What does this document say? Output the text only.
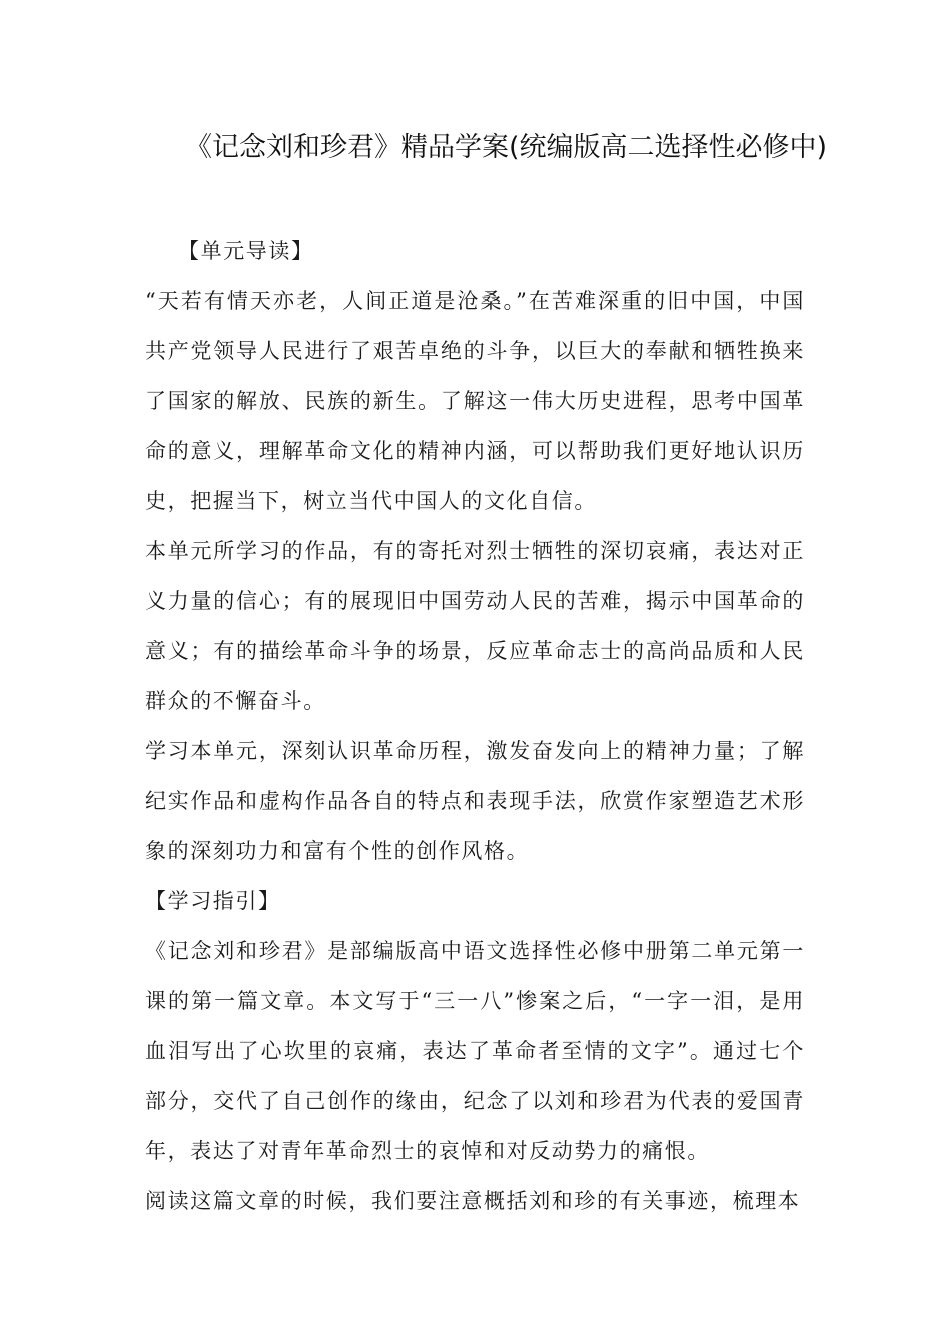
《记念刘和珍君》精品学案(统编版高二选择性必修中)

【单元导读】

“天若有情天亦老，人间正道是沧桑。”在苦难深重的旧中国，中国共产党领导人民进行了艰苦卓绝的斗争，以巨大的奉献和牺牲换来了国家的解放、民族的新生。了解这一伟大历史进程，思考中国革命的意义，理解革命文化的精神内涵，可以帮助我们更好地认识历史，把握当下，树立当代中国人的文化自信。

本单元所学习的作品，有的寄托对烈士牺牲的深切哀痛，表达对正义力量的信心；有的展现旧中国劳动人民的苦难，揭示中国革命的意义；有的描绘革命斗争的场景，反应革命志士的高尚品质和人民群众的不懈奋斗。

学习本单元，深刻认识革命历程，激发奋发向上的精神力量；了解纪实作品和虚构作品各自的特点和表现手法，欣赏作家塑造艺术形象的深刻功力和富有个性的创作风格。

【学习指引】

《记念刘和珍君》是部编版高中语文选择性必修中册第二单元第一课的第一篇文章。本文写于“三一八”惨案之后，“一字一泪，是用血泪写出了心坎里的哀痛，表达了革命者至情的文字”。通过七个部分，交代了自己创作的缘由，纪念了以刘和珍君为代表的爱国青年，表达了对青年革命烈士的哀悼和对反动势力的痛恨。

阅读这篇文章的时候，我们要注意概括刘和珍的有关事迹，梳理本
